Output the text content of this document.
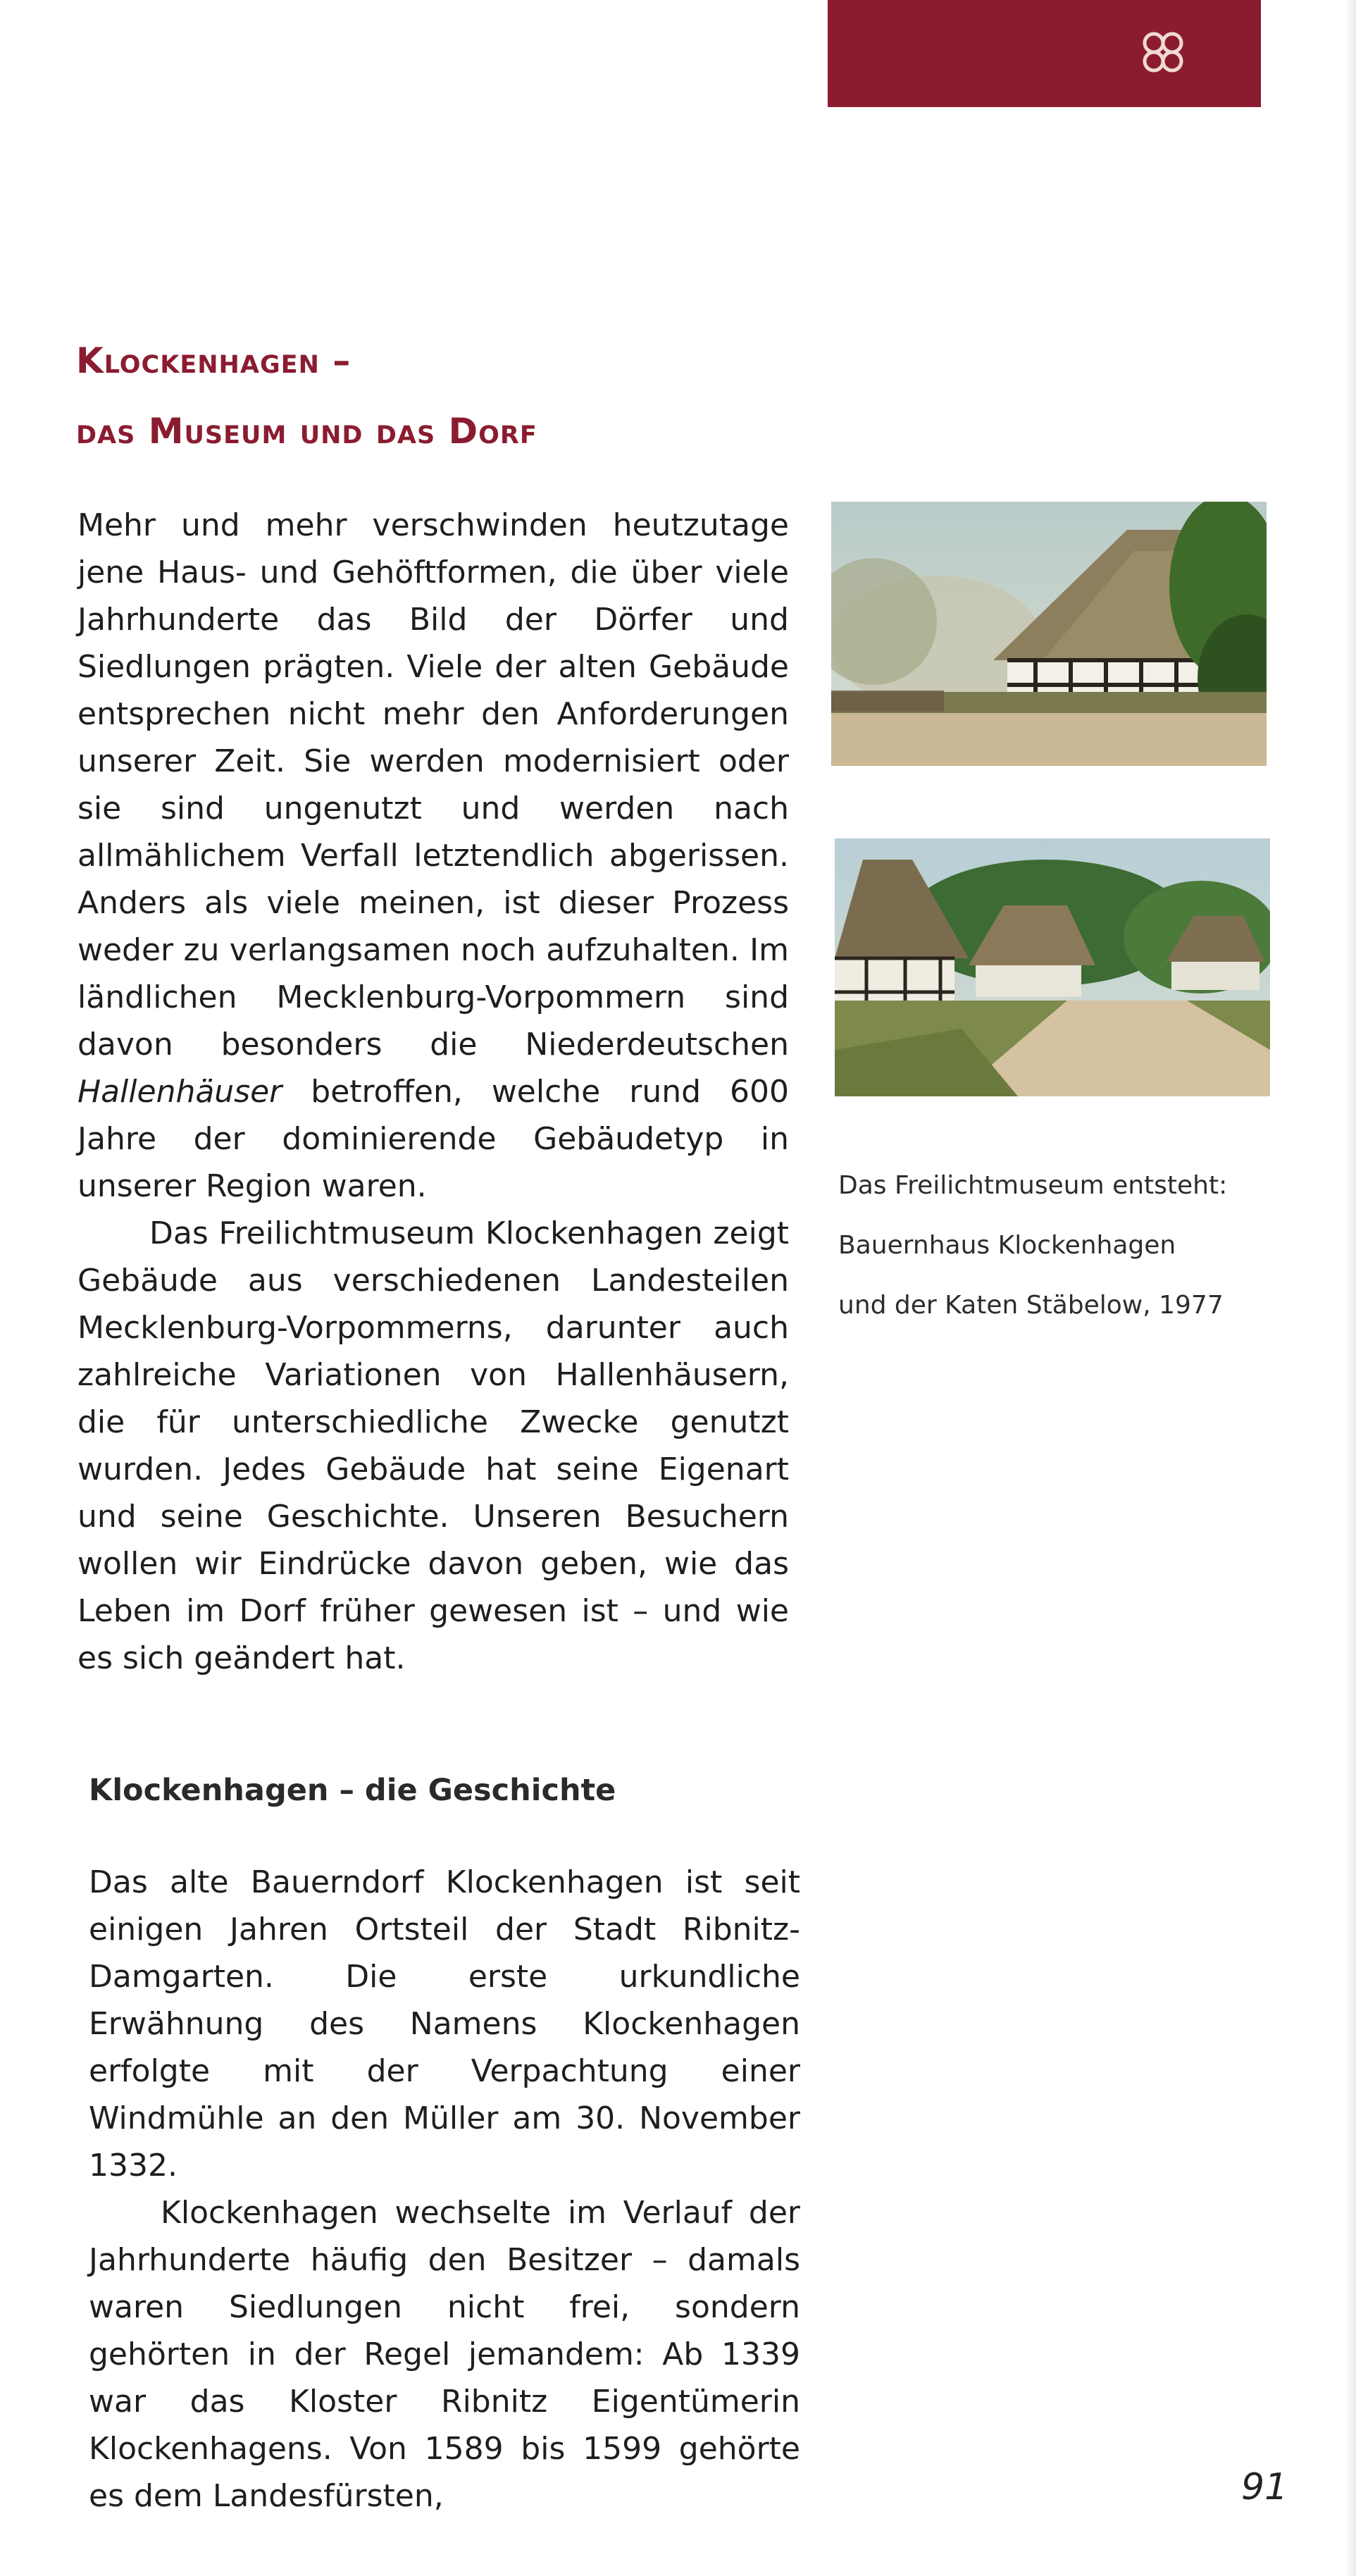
Klockenhagen –
das Museum und das Dorf

Mehr und mehr verschwinden heutzutage jene Haus- und Gehöftformen, die über viele Jahrhunderte das Bild der Dörfer und Siedlungen prägten. Viele der alten Gebäude entsprechen nicht mehr den Anforderungen unserer Zeit. Sie werden modernisiert oder sie sind ungenutzt und werden nach allmählichem Verfall letztendlich abgerissen. Anders als viele meinen, ist dieser Prozess weder zu verlangsamen noch aufzuhalten. Im ländlichen Mecklenburg-Vorpommern sind davon besonders die Niederdeutschen Hallenhäuser betroffen, welche rund 600 Jahre der dominierende Gebäudetyp in unserer Region waren.

Das Freilichtmuseum Klockenhagen zeigt Gebäude aus verschiedenen Landesteilen Mecklenburg-Vorpommerns, darunter auch zahlreiche Variationen von Hallenhäusern, die für unterschiedliche Zwecke genutzt wurden. Jedes Gebäude hat seine Eigenart und seine Geschichte. Unseren Besuchern wollen wir Eindrücke davon geben, wie das Leben im Dorf früher gewesen ist – und wie es sich geändert hat.

Das Freilichtmuseum entsteht:
Bauernhaus Klockenhagen
und der Katen Stäbelow, 1977
Klockenhagen – die Geschichte

Das alte Bauerndorf Klockenhagen ist seit einigen Jahren Ortsteil der Stadt Ribnitz-Damgarten. Die erste urkundliche Erwähnung des Namens Klockenhagen erfolgte mit der Verpachtung einer Windmühle an den Müller am 30. November 1332.

Klockenhagen wechselte im Verlauf der Jahrhunderte häufig den Besitzer – damals waren Siedlungen nicht frei, sondern gehörten in der Regel jemandem: Ab 1339 war das Kloster Ribnitz Eigentümerin Klockenhagens. Von 1589 bis 1599 gehörte es dem Landesfürsten,	91
